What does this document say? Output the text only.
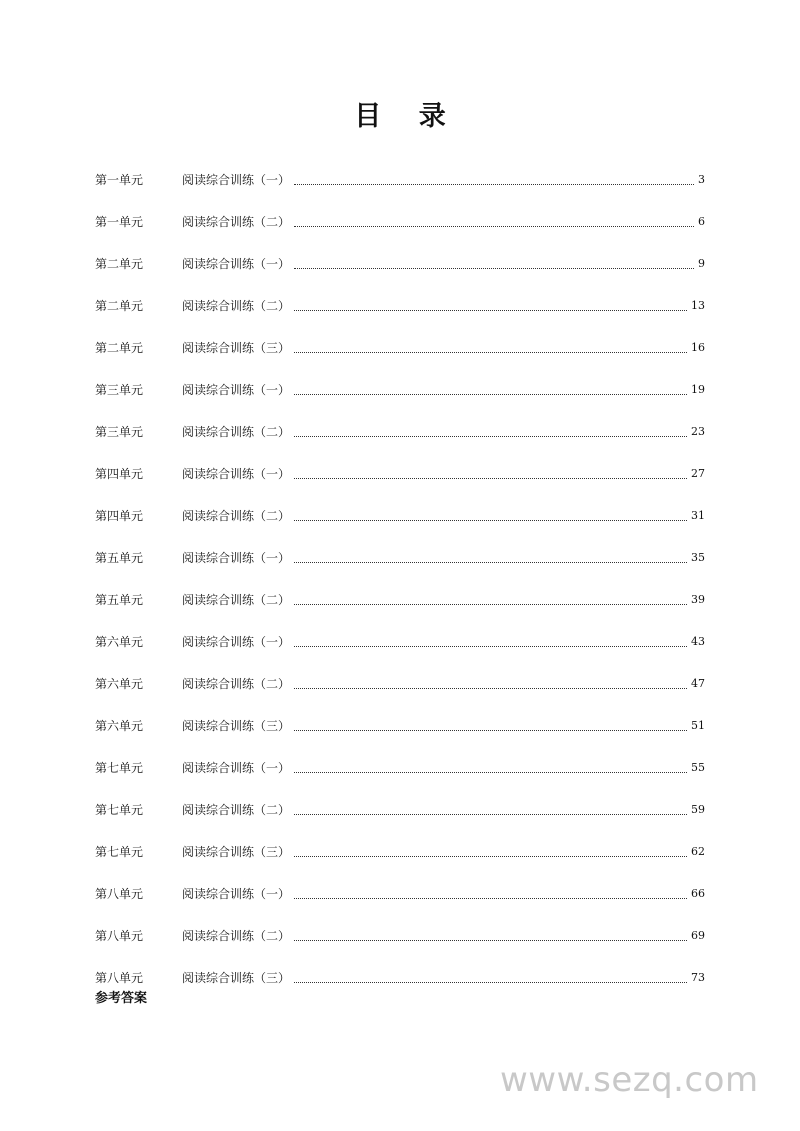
目 录
第一单元	阅读综合训练（一）	3
第一单元	阅读综合训练（二）	6
第二单元	阅读综合训练（一）	9
第二单元	阅读综合训练（二）	13
第二单元	阅读综合训练（三）	16
第三单元	阅读综合训练（一）	19
第三单元	阅读综合训练（二）	23
第四单元	阅读综合训练（一）	27
第四单元	阅读综合训练（二）	31
第五单元	阅读综合训练（一）	35
第五单元	阅读综合训练（二）	39
第六单元	阅读综合训练（一）	43
第六单元	阅读综合训练（二）	47
第六单元	阅读综合训练（三）	51
第七单元	阅读综合训练（一）	55
第七单元	阅读综合训练（二）	59
第七单元	阅读综合训练（三）	62
第八单元	阅读综合训练（一）	66
第八单元	阅读综合训练（二）	69
第八单元	阅读综合训练（三）	73
参考答案
www.sezq.com
